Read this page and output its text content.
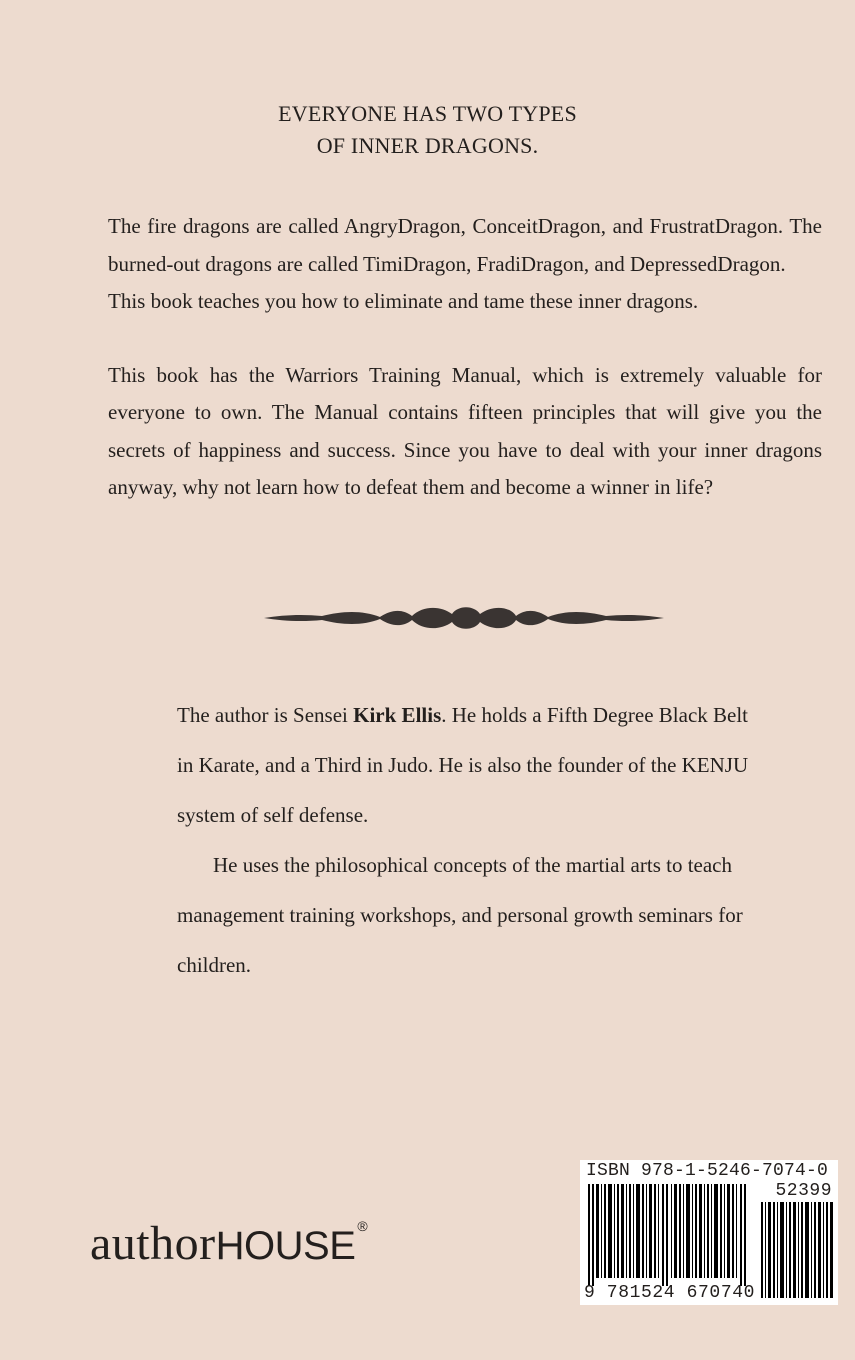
EVERYONE HAS TWO TYPES
OF INNER DRAGONS.

The fire dragons are called AngryDragon, ConceitDragon, and FrustratDragon. The burned-out dragons are called TimiDragon, FradiDragon, and DepressedDragon.

This book teaches you how to eliminate and tame these inner dragons.

This book has the Warriors Training Manual, which is extremely valuable for everyone to own. The Manual contains fifteen principles that will give you the secrets of happiness and success. Since you have to deal with your inner dragons anyway, why not learn how to defeat them and become a winner in life?

The author is Sensei Kirk Ellis. He holds a Fifth Degree Black Belt in Karate, and a Third in Judo. He is also the founder of the KENJU system of self defense.

He uses the philosophical concepts of the martial arts to teach management training workshops, and personal growth seminars for children.

authorHOUSE ®
ISBN 978-1-5246-7074-0
52399
9 781524 670740
